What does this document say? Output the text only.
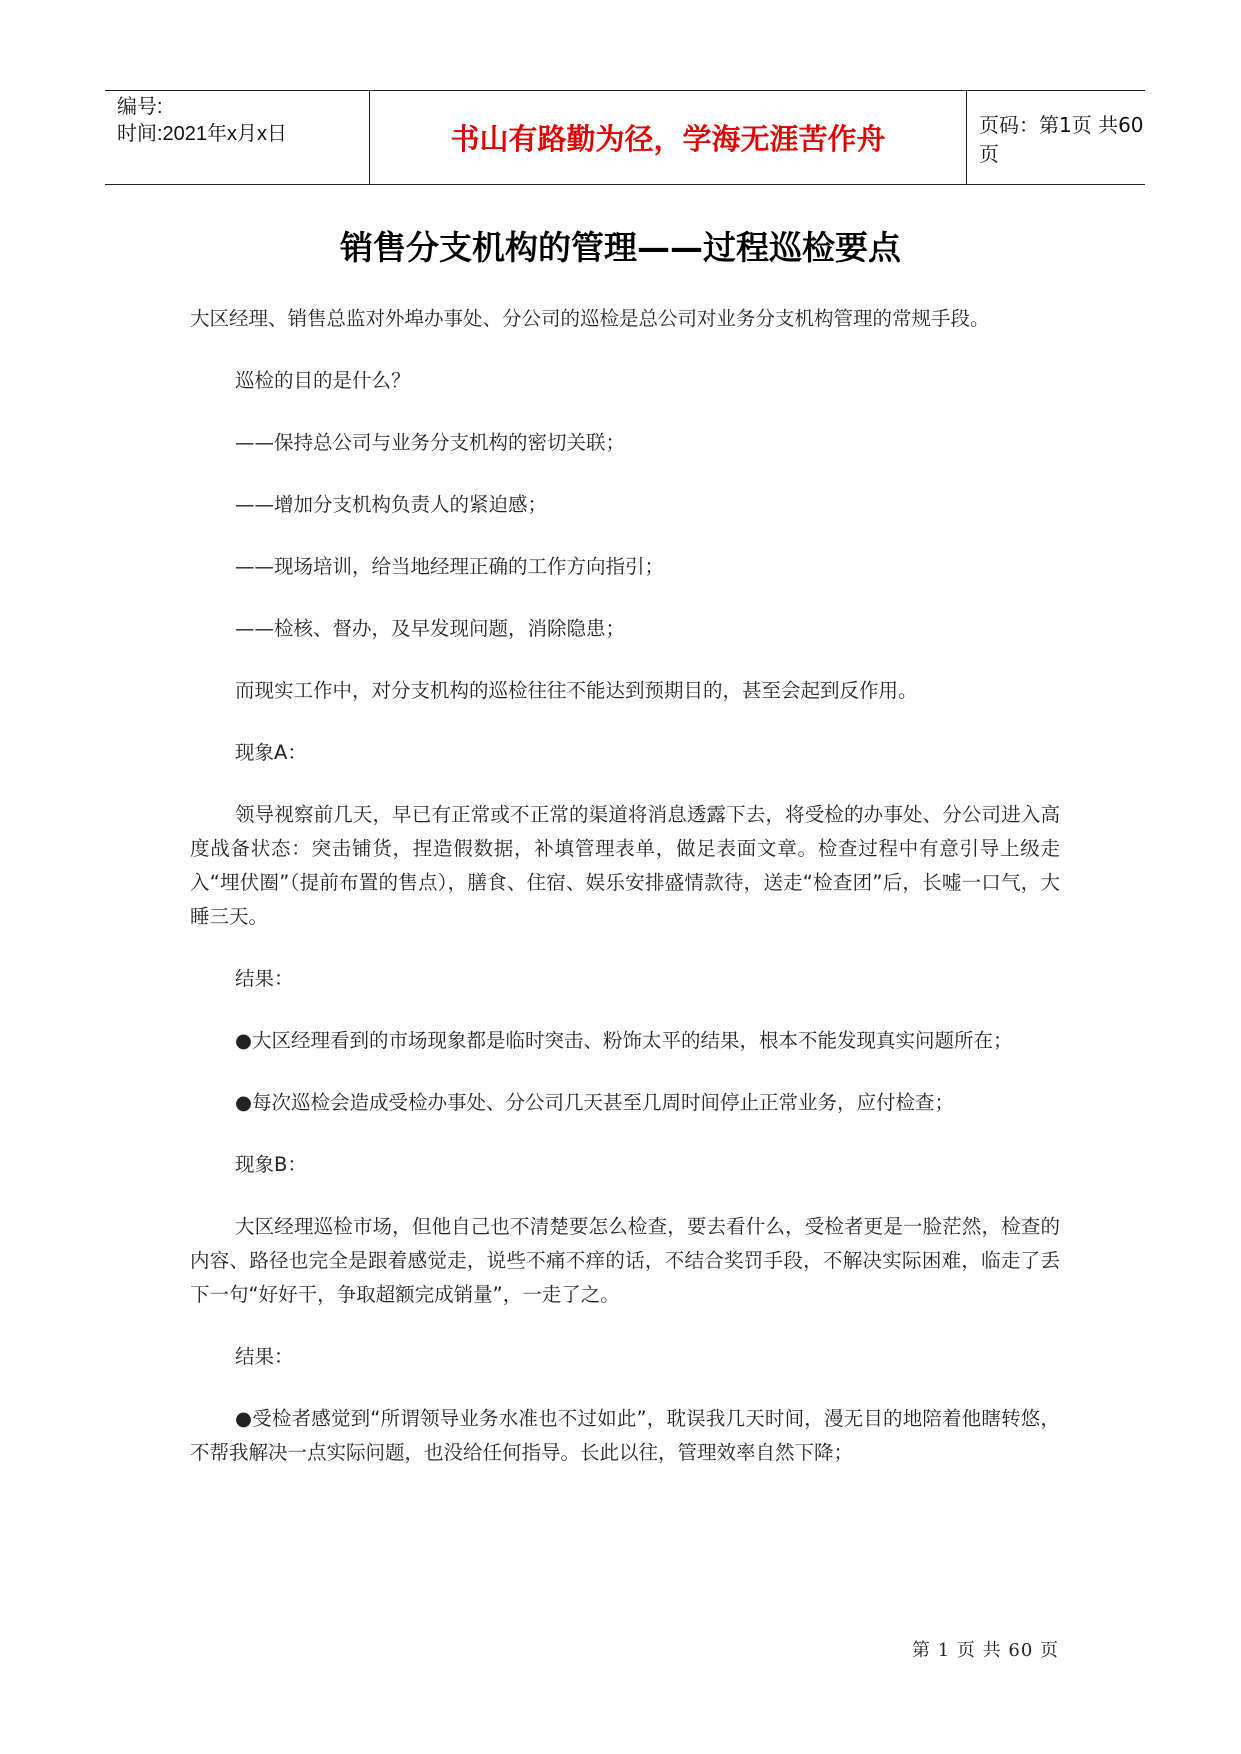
编号:
时间:2021年x月x日	书山有路勤为径，学海无涯苦作舟	页码：第1页 共60页
销售分支机构的管理——过程巡检要点

大区经理、销售总监对外埠办事处、分公司的巡检是总公司对业务分支机构管理的常规手段。

巡检的目的是什么？

——保持总公司与业务分支机构的密切关联；

——增加分支机构负责人的紧迫感；

——现场培训，给当地经理正确的工作方向指引；

——检核、督办，及早发现问题，消除隐患；

而现实工作中，对分支机构的巡检往往不能达到预期目的，甚至会起到反作用。

现象A：

领导视察前几天，早已有正常或不正常的渠道将消息透露下去，将受检的办事处、分公司进入高度战备状态：突击铺货，捏造假数据，补填管理表单，做足表面文章。检查过程中有意引导上级走入“埋伏圈”（提前布置的售点），膳食、住宿、娱乐安排盛情款待，送走“检查团”后，长嘘一口气，大睡三天。

结果：

●大区经理看到的市场现象都是临时突击、粉饰太平的结果，根本不能发现真实问题所在；

●每次巡检会造成受检办事处、分公司几天甚至几周时间停止正常业务，应付检查；

现象B：

大区经理巡检市场，但他自己也不清楚要怎么检查，要去看什么，受检者更是一脸茫然，检查的内容、路径也完全是跟着感觉走，说些不痛不痒的话，不结合奖罚手段，不解决实际困难，临走了丢下一句“好好干，争取超额完成销量”，一走了之。

结果：

●受检者感觉到“所谓领导业务水准也不过如此”，耽误我几天时间，漫无目的地陪着他瞎转悠，不帮我解决一点实际问题，也没给任何指导。长此以往，管理效率自然下降；

第 1 页 共 60 页
